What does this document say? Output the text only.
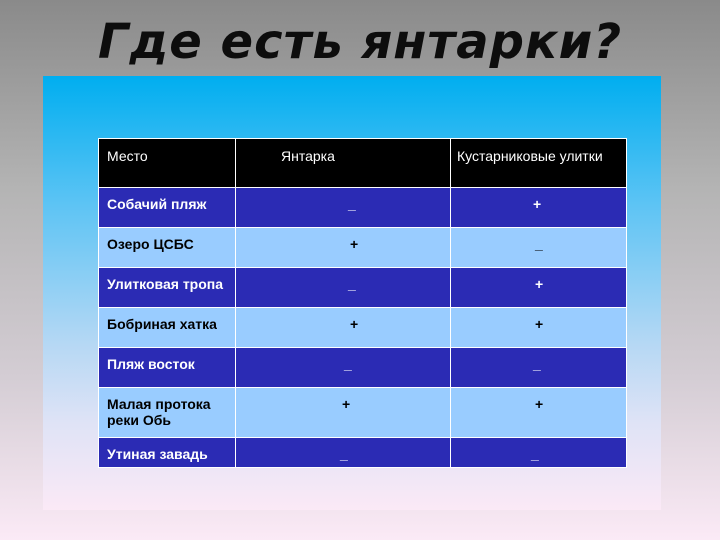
Где есть янтарки?
Место	Янтарка	Кустарниковые улитки

Собачий пляж	_	+

Озеро ЦСБС	+	_

Улитковая тропа	_	+

Бобриная хатка	+	+

Пляж восток	_	_

Малая протока реки Обь	+	+

Утиная завадь	_	_
